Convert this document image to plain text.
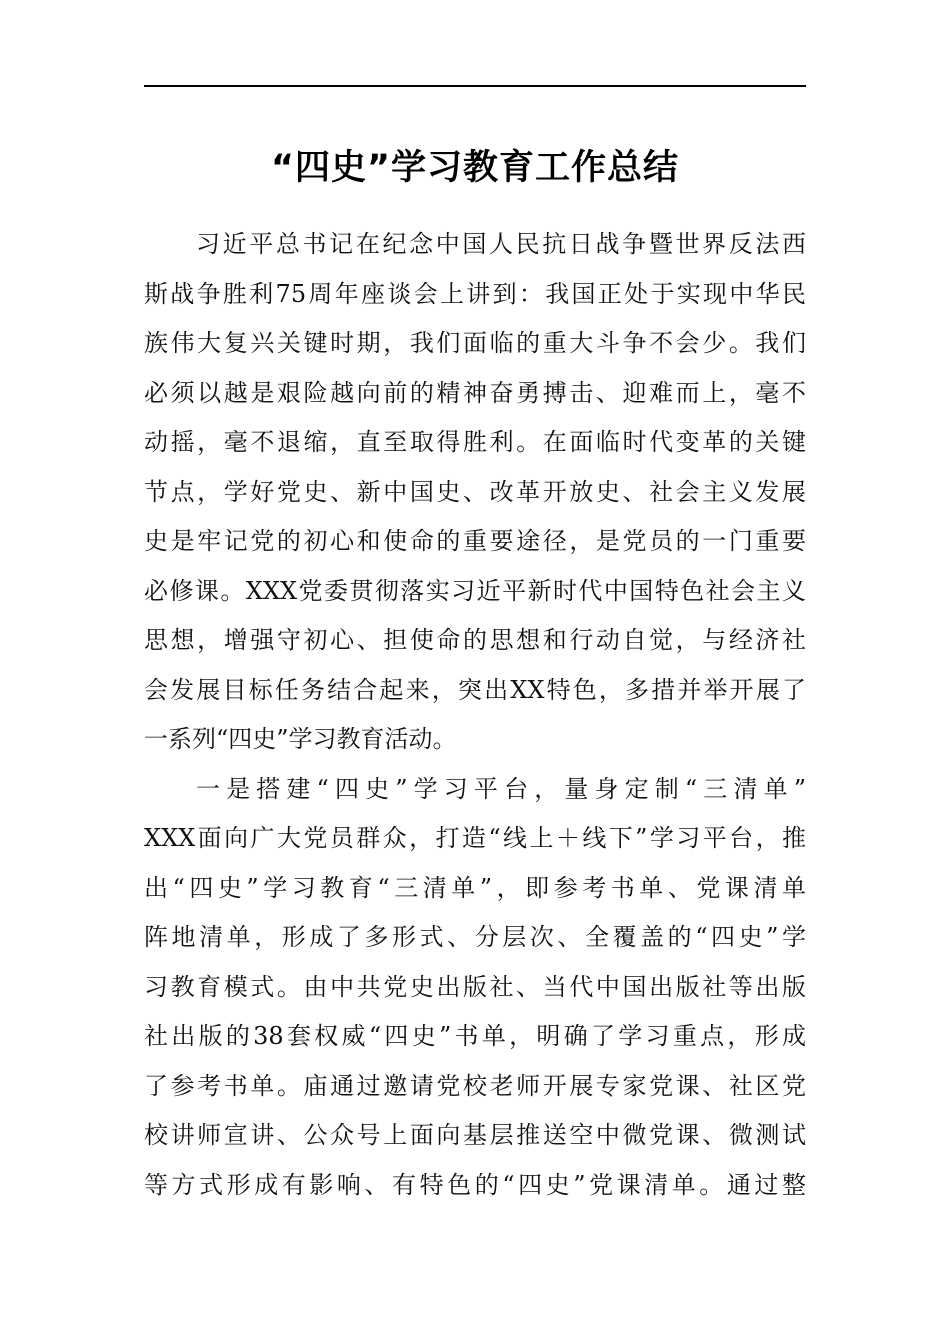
“四史”学习教育工作总结
习近平总书记在纪念中国人民抗日战争暨世界反法西
斯战争胜利75周年座谈会上讲到：我国正处于实现中华民
族伟大复兴关键时期，我们面临的重大斗争不会少。我们
必须以越是艰险越向前的精神奋勇搏击、迎难而上，毫不
动摇，毫不退缩，直至取得胜利。在面临时代变革的关键
节点，学好党史、新中国史、改革开放史、社会主义发展
史是牢记党的初心和使命的重要途径，是党员的一门重要
必修课。XXX党委贯彻落实习近平新时代中国特色社会主义
思想，增强守初心、担使命的思想和行动自觉，与经济社
会发展目标任务结合起来，突出XX特色，多措并举开展了
一系列“四史”学习教育活动。
一是搭建“四史”学习平台，量身定制“三清单”
XXX面向广大党员群众，打造“线上＋线下”学习平台，推
出“四史”学习教育“三清单”，即参考书单、党课清单
阵地清单，形成了多形式、分层次、全覆盖的“四史”学
习教育模式。由中共党史出版社、当代中国出版社等出版
社出版的38套权威“四史”书单，明确了学习重点，形成
了参考书单。庙通过邀请党校老师开展专家党课、社区党
校讲师宣讲、公众号上面向基层推送空中微党课、微测试
等方式形成有影响、有特色的“四史”党课清单。通过整
